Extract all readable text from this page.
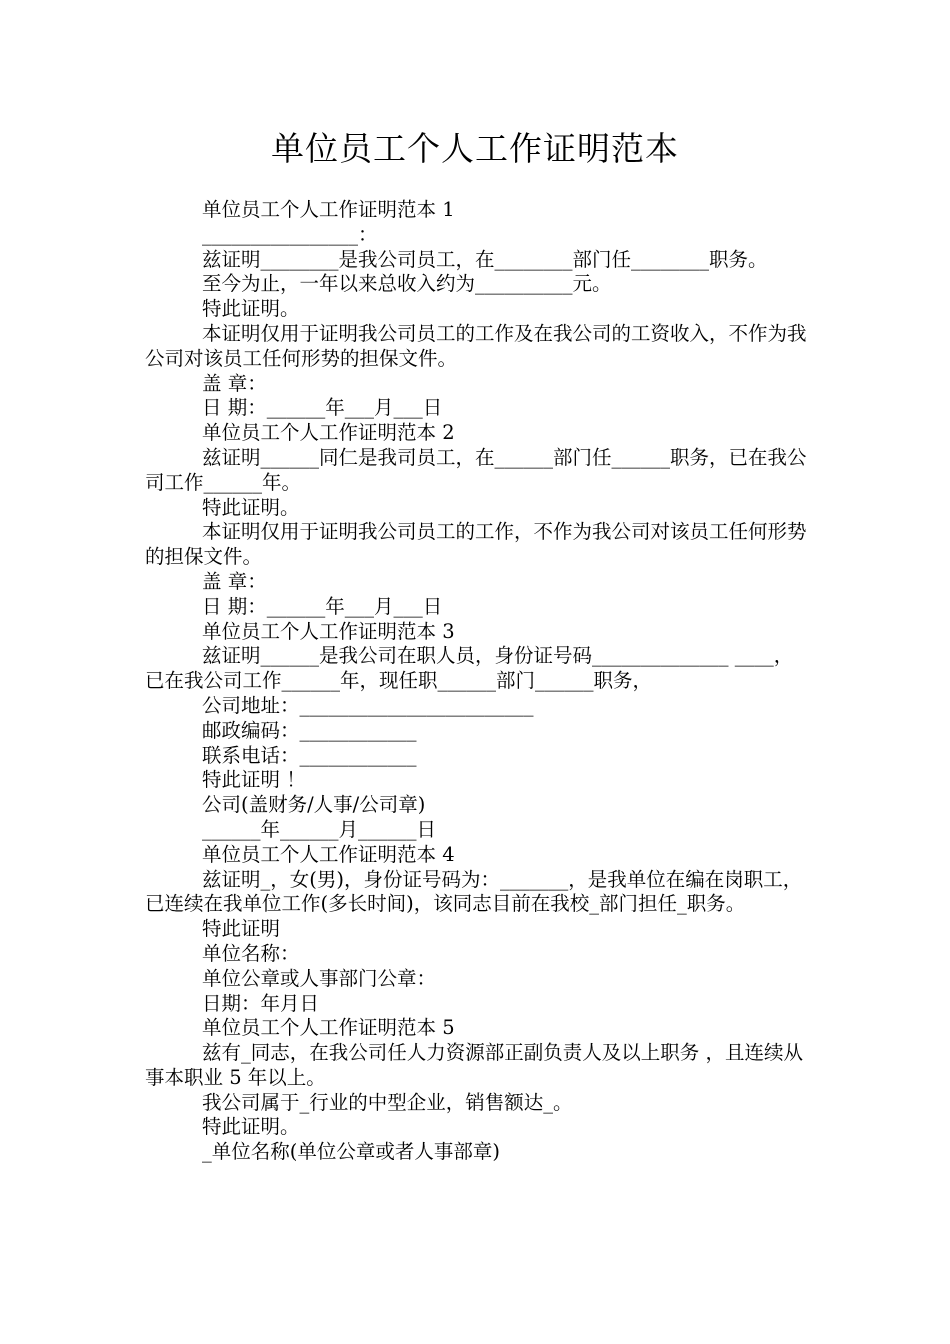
单位员工个人工作证明范本

单位员工个人工作证明范本 1

________________：

兹证明________是我公司员工，在________部门任________职务。

至今为止，一年以来总收入约为__________元。

特此证明。

本证明仅用于证明我公司员工的工作及在我公司的工资收入，不作为我公司对该员工任何形势的担保文件。

盖 章：

日 期：______年___月___日

单位员工个人工作证明范本 2

兹证明______同仁是我司员工，在______部门任______职务，已在我公司工作______年。

特此证明。

本证明仅用于证明我公司员工的工作，不作为我公司对该员工任何形势的担保文件。

盖 章：

日 期：______年___月___日

单位员工个人工作证明范本 3

兹证明______是我公司在职人员，身份证号码______________ ____，已在我公司工作______年，现任职______部门______职务，

公司地址：________________________

邮政编码：____________

联系电话：____________

特此证明 ！

公司(盖财务/人事/公司章)

______年______月______日

单位员工个人工作证明范本 4

兹证明_，女(男)，身份证号码为：_______，是我单位在编在岗职工，已连续在我单位工作(多长时间)，该同志目前在我校_部门担任_职务。

特此证明

单位名称：

单位公章或人事部门公章：

日期：年月日

单位员工个人工作证明范本 5

兹有_同志，在我公司任人力资源部正副负责人及以上职务 ，且连续从事本职业 5 年以上。

我公司属于_行业的中型企业，销售额达_。

特此证明。

_单位名称(单位公章或者人事部章)
